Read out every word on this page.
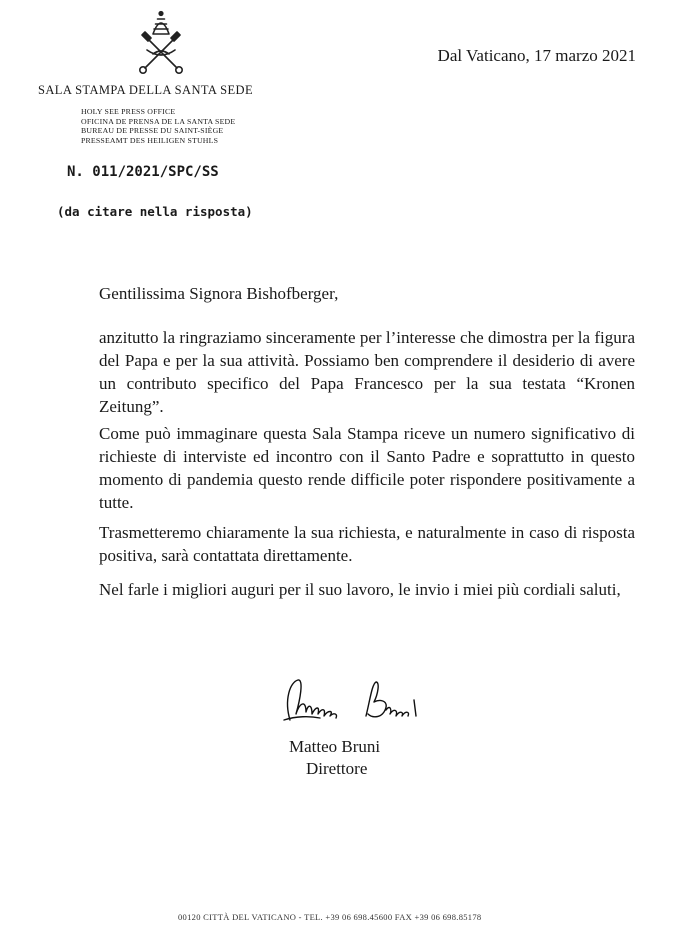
SALA STAMPA DELLA SANTA SEDE

HOLY SEE PRESS OFFICE
OFICINA DE PRENSA DE LA SANTA SEDE
BUREAU DE PRESSE DU SAINT-SIÈGE
PRESSEAMT DES HEILIGEN STUHLS
Dal Vaticano, 17 marzo 2021
N. 011/2021/SPC/SS
(da citare nella risposta)
Gentilissima Signora Bishofberger,
anzitutto la ringraziamo sinceramente per l’interesse che dimostra per la figura del Papa e per la sua attività. Possiamo ben comprendere il desiderio di avere un contributo specifico del Papa Francesco per la sua testata “Kronen Zeitung”.
Come può immaginare questa Sala Stampa riceve un numero significativo di richieste di interviste ed incontro con il Santo Padre e soprattutto in questo momento di pandemia questo rende difficile poter rispondere positivamente a tutte.
Trasmetteremo chiaramente la sua richiesta, e naturalmente in caso di risposta positiva, sarà contattata direttamente.
Nel farle i migliori auguri per il suo lavoro, le invio i miei più cordiali saluti,
Matteo Bruni
Direttore
00120 CITTÀ DEL VATICANO - TEL. +39 06 698.45600 FAX +39 06 698.85178
